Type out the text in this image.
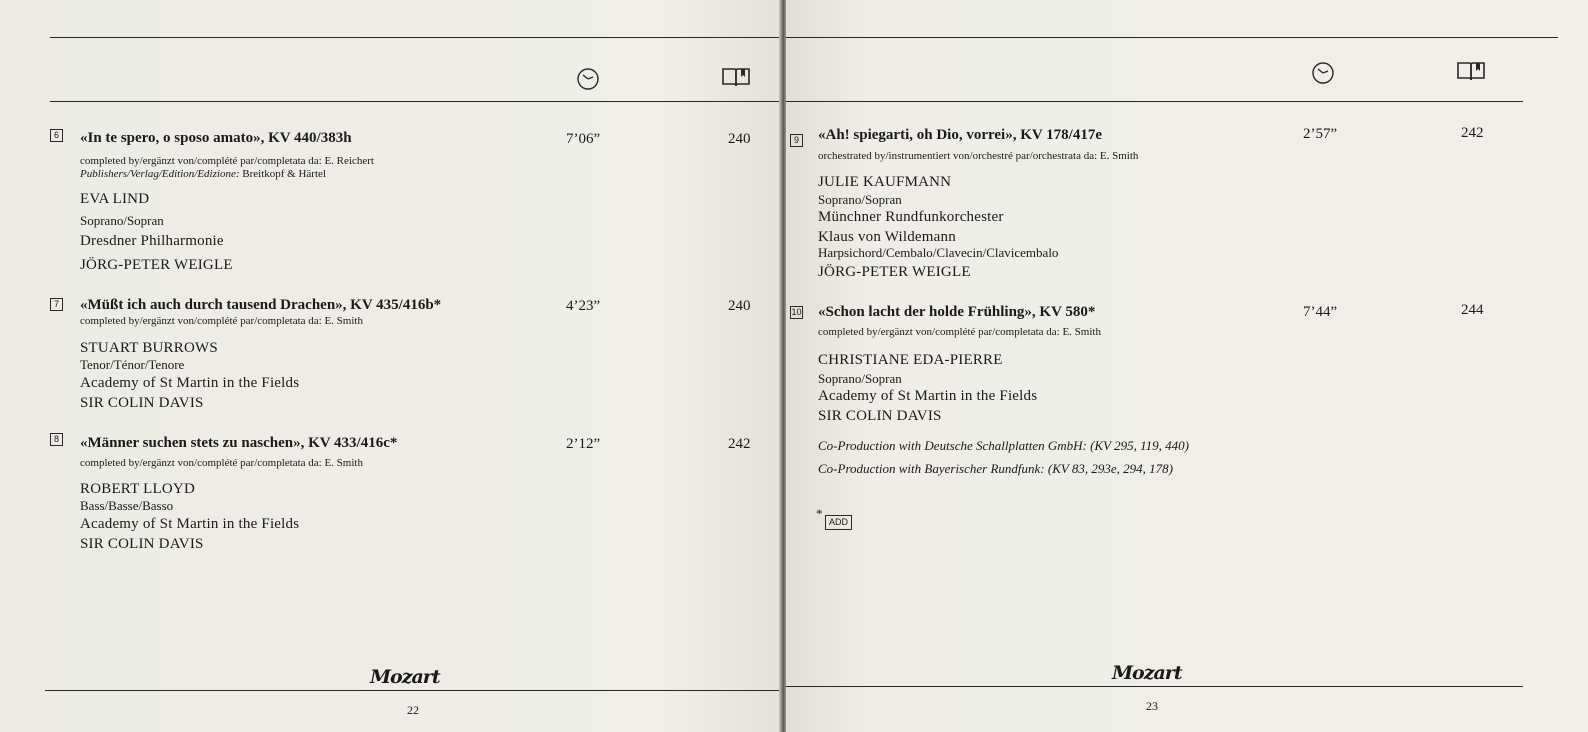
6 «In te spero, o sposo amato», KV 440/383h	7’06”	240
completed by/ergänzt von/complété par/completata da: E. Reichert
Publishers/Verlag/Edition/Edizione: Breitkopf & Härtel
EVA LIND
Soprano/Sopran
Dresdner Philharmonie
JÖRG-PETER WEIGLE
7 «Müßt ich auch durch tausend Drachen», KV 435/416b*	4’23”	240
completed by/ergänzt von/complété par/completata da: E. Smith
STUART BURROWS
Tenor/Ténor/Tenore
Academy of St Martin in the Fields
SIR COLIN DAVIS
8 «Männer suchen stets zu naschen», KV 433/416c*	2’12”	242
completed by/ergänzt von/complété par/completata da: E. Smith
ROBERT LLOYD
Bass/Basse/Basso
Academy of St Martin in the Fields
SIR COLIN DAVIS
Mozart
22
9 «Ah! spiegarti, oh Dio, vorrei», KV 178/417e	2’57”	242
orchestrated by/instrumentiert von/orchestré par/orchestrata da: E. Smith
JULIE KAUFMANN
Soprano/Sopran
Münchner Rundfunkorchester
Klaus von Wildemann
Harpsichord/Cembalo/Clavecin/Clavicembalo
JÖRG-PETER WEIGLE
10 «Schon lacht der holde Frühling», KV 580*	7’44”	244
completed by/ergänzt von/complété par/completata da: E. Smith
CHRISTIANE EDA-PIERRE
Soprano/Sopran
Academy of St Martin in the Fields
SIR COLIN DAVIS
Co-Production with Deutsche Schallplatten GmbH: (KV 295, 119, 440)
Co-Production with Bayerischer Rundfunk: (KV 83, 293e, 294, 178)
*
ADD
Mozart
23
